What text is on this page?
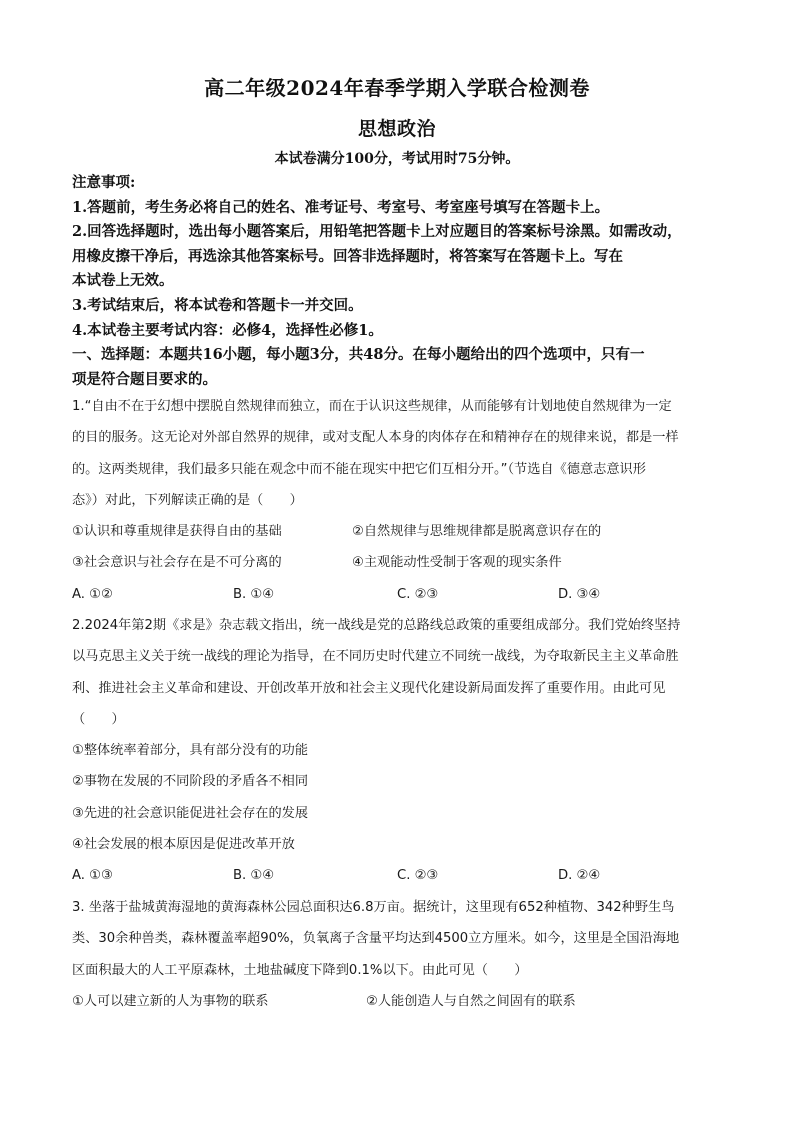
高二年级2024年春季学期入学联合检测卷
思想政治
本试卷满分100分，考试用时75分钟。
注意事项:
1.答题前，考生务必将自己的姓名、准考证号、考室号、考室座号填写在答题卡上。
2.回答选择题时，选出每小题答案后，用铅笔把答题卡上对应题目的答案标号涂黑。如需改动，
用橡皮擦干净后，再选涂其他答案标号。回答非选择题时，将答案写在答题卡上。写在
本试卷上无效。
3.考试结束后，将本试卷和答题卡一并交回。
4.本试卷主要考试内容：必修4，选择性必修1。
一、选择题：本题共16小题，每小题3分，共48分。在每小题给出的四个选项中，只有一
项是符合题目要求的。
1.“自由不在于幻想中摆脱自然规律而独立，而在于认识这些规律，从而能够有计划地使自然规律为一定
的目的服务。这无论对外部自然界的规律，或对支配人本身的肉体存在和精神存在的规律来说，都是一样
的。这两类规律，我们最多只能在观念中而不能在现实中把它们互相分开。”（节选自《德意志意识形
态》）对此，下列解读正确的是（　　）
①认识和尊重规律是获得自由的基础	②自然规律与思维规律都是脱离意识存在的
③社会意识与社会存在是不可分离的	④主观能动性受制于客观的现实条件
A. ①②	B. ①④	C. ②③	D. ③④
2.2024年第2期《求是》杂志载文指出，统一战线是党的总路线总政策的重要组成部分。我们党始终坚持
以马克思主义关于统一战线的理论为指导，在不同历史时代建立不同统一战线，为夺取新民主主义革命胜
利、推进社会主义革命和建设、开创改革开放和社会主义现代化建设新局面发挥了重要作用。由此可见
（　　）
①整体统率着部分，具有部分没有的功能
②事物在发展的不同阶段的矛盾各不相同
③先进的社会意识能促进社会存在的发展
④社会发展的根本原因是促进改革开放
A. ①③	B. ①④	C. ②③	D. ②④
3. 坐落于盐城黄海湿地的黄海森林公园总面积达6.8万亩。据统计，这里现有652种植物、342种野生鸟
类、30余种兽类，森林覆盖率超90%，负氧离子含量平均达到4500立方厘米。如今，这里是全国沿海地
区面积最大的人工平原森林，土地盐碱度下降到0.1%以下。由此可见（　　）
①人可以建立新的人为事物的联系	②人能创造人与自然之间固有的联系
